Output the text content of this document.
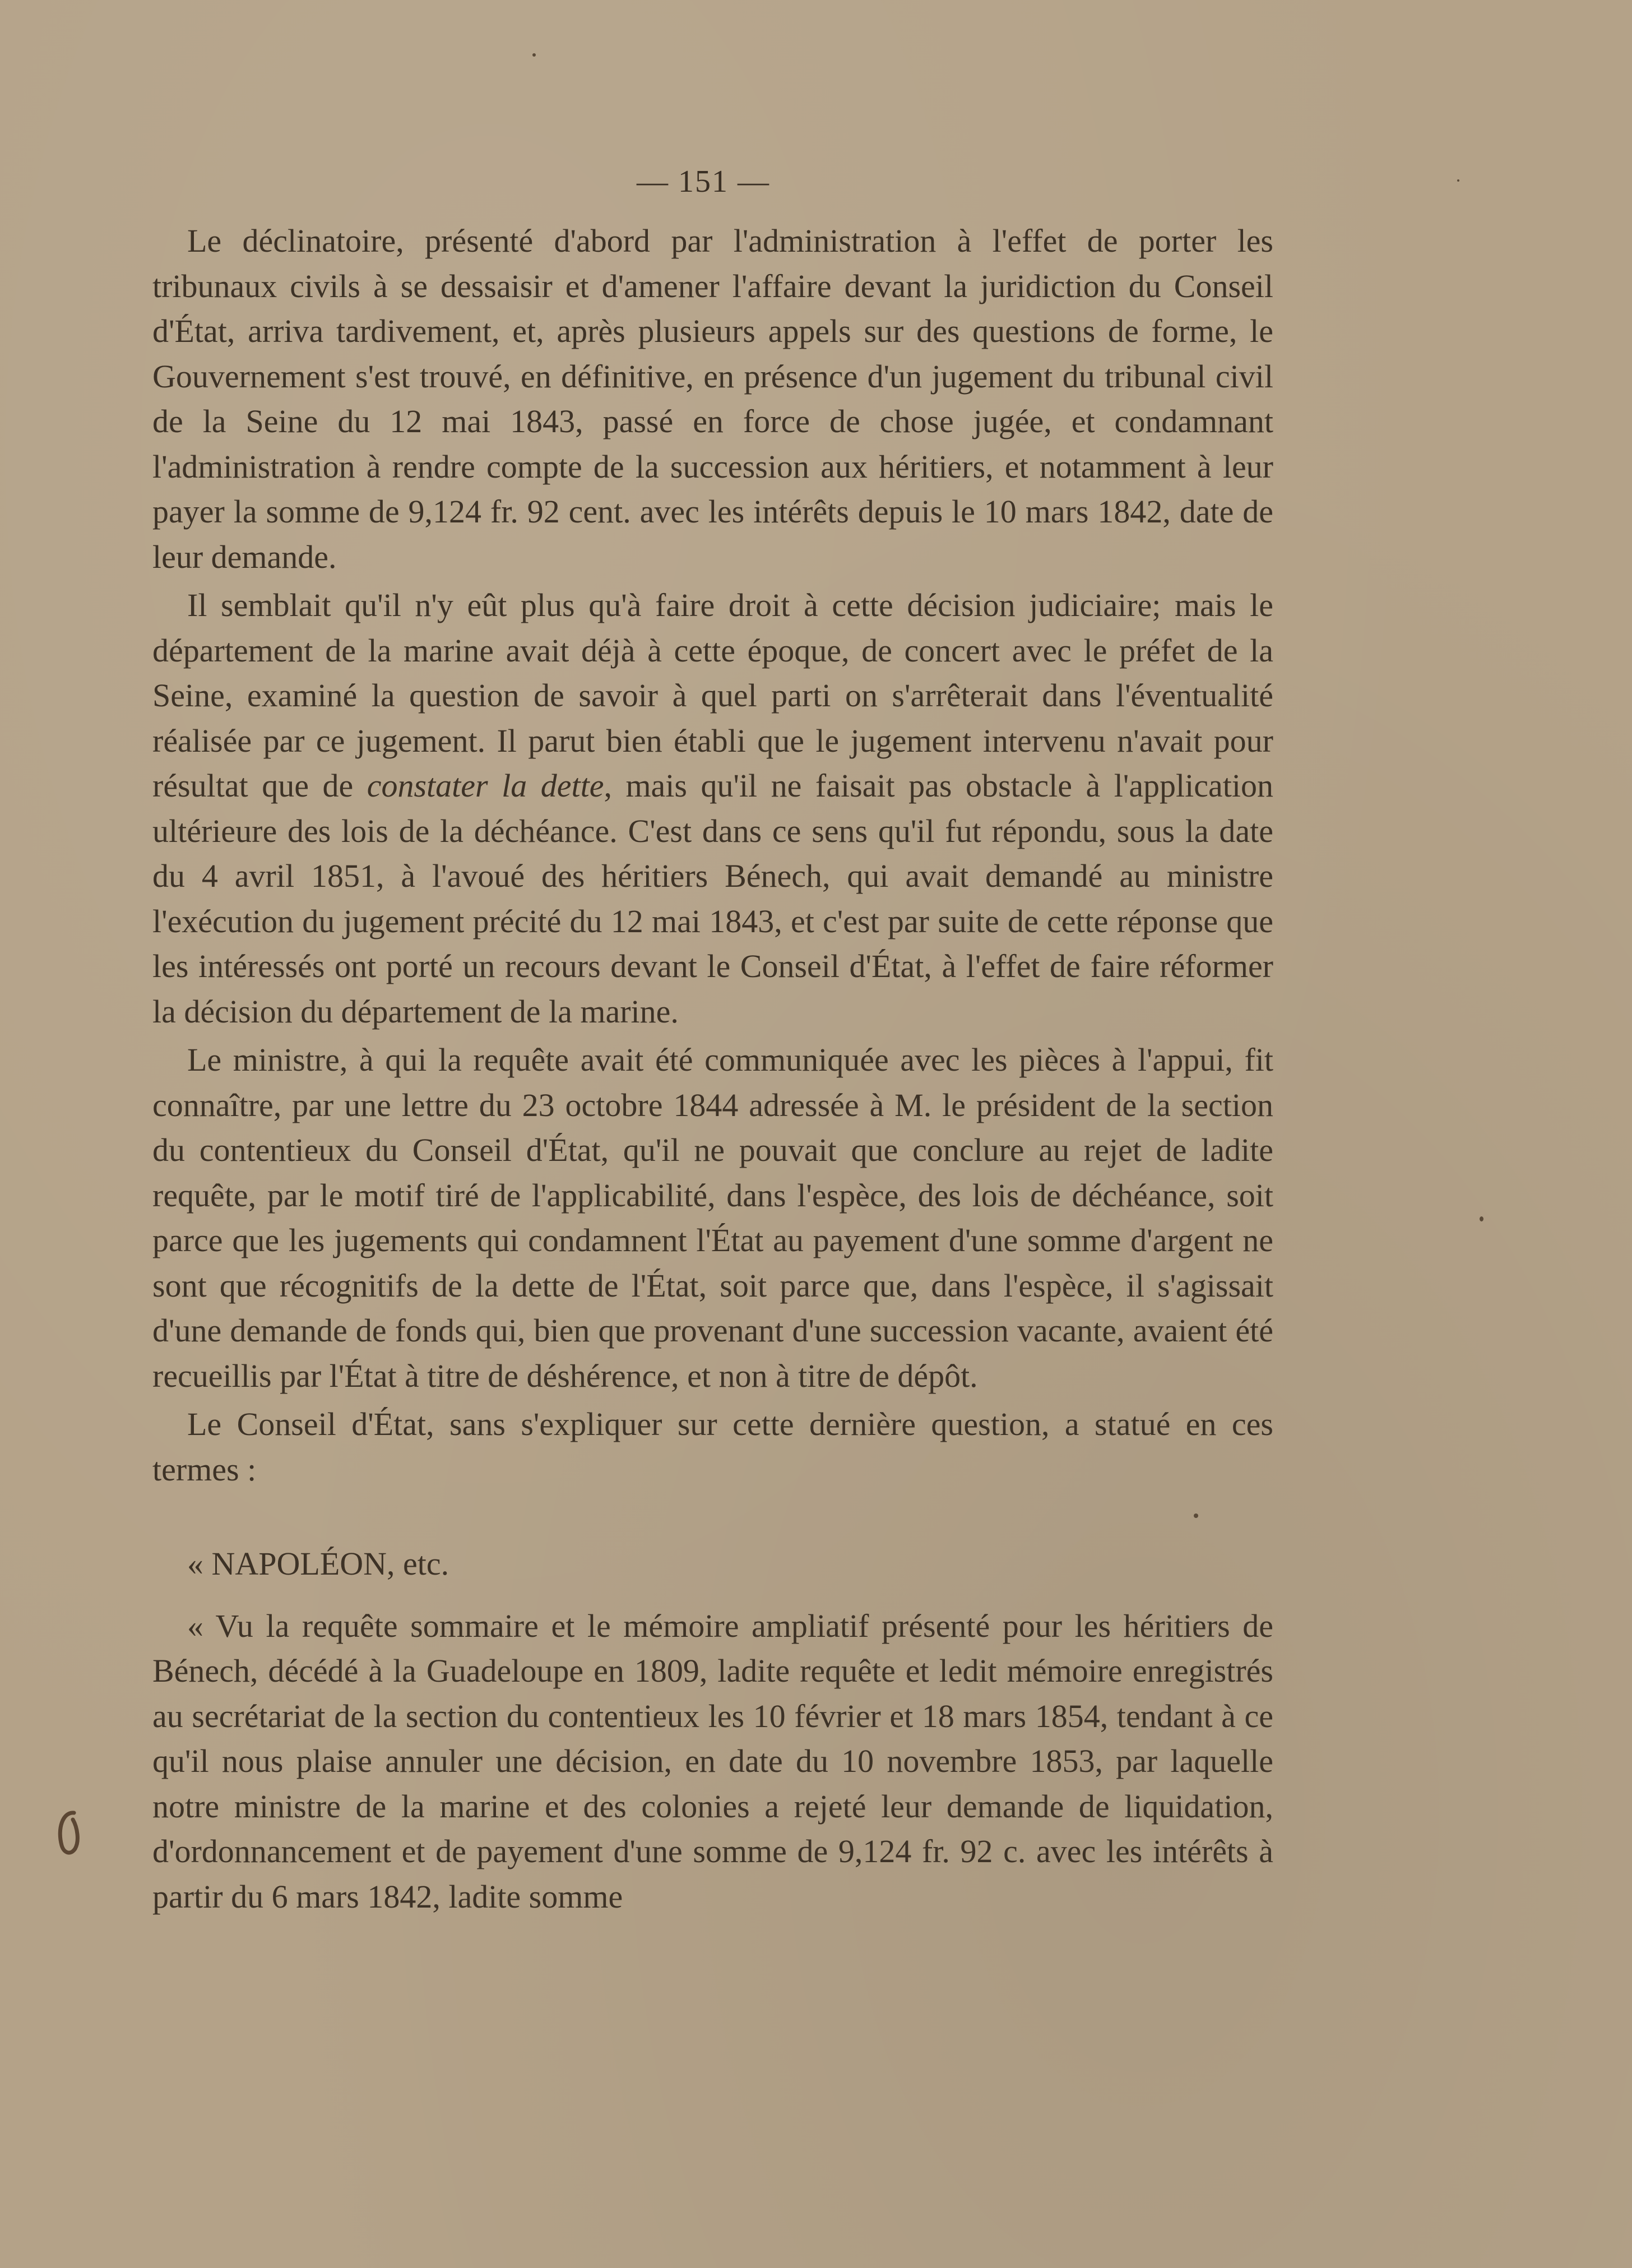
— 151 —

Le déclinatoire, présenté d'abord par l'administration à l'effet de porter les tribunaux civils à se dessaisir et d'amener l'affaire devant la juridiction du Conseil d'État, arriva tardivement, et, après plusieurs appels sur des questions de forme, le Gouvernement s'est trouvé, en définitive, en présence d'un jugement du tribunal civil de la Seine du 12 mai 1843, passé en force de chose jugée, et condamnant l'administration à rendre compte de la succession aux héritiers, et notamment à leur payer la somme de 9,124 fr. 92 cent. avec les intérêts depuis le 10 mars 1842, date de leur demande.

Il semblait qu'il n'y eût plus qu'à faire droit à cette décision judiciaire; mais le département de la marine avait déjà à cette époque, de concert avec le préfet de la Seine, examiné la question de savoir à quel parti on s'arrêterait dans l'éventualité réalisée par ce jugement. Il parut bien établi que le jugement intervenu n'avait pour résultat que de constater la dette, mais qu'il ne faisait pas obstacle à l'application ultérieure des lois de la déchéance. C'est dans ce sens qu'il fut répondu, sous la date du 4 avril 1851, à l'avoué des héritiers Bénech, qui avait demandé au ministre l'exécution du jugement précité du 12 mai 1843, et c'est par suite de cette réponse que les intéressés ont porté un recours devant le Conseil d'État, à l'effet de faire réformer la décision du département de la marine.

Le ministre, à qui la requête avait été communiquée avec les pièces à l'appui, fit connaître, par une lettre du 23 octobre 1844 adressée à M. le président de la section du contentieux du Conseil d'État, qu'il ne pouvait que conclure au rejet de ladite requête, par le motif tiré de l'applicabilité, dans l'espèce, des lois de déchéance, soit parce que les jugements qui condamnent l'État au payement d'une somme d'argent ne sont que récognitifs de la dette de l'État, soit parce que, dans l'espèce, il s'agissait d'une demande de fonds qui, bien que provenant d'une succession vacante, avaient été recueillis par l'État à titre de déshérence, et non à titre de dépôt.

Le Conseil d'État, sans s'expliquer sur cette dernière question, a statué en ces termes :

« NAPOLÉON, etc.

« Vu la requête sommaire et le mémoire ampliatif présenté pour les héritiers de Bénech, décédé à la Guadeloupe en 1809, ladite requête et ledit mémoire enregistrés au secrétariat de la section du contentieux les 10 février et 18 mars 1854, tendant à ce qu'il nous plaise annuler une décision, en date du 10 novembre 1853, par laquelle notre ministre de la marine et des colonies a rejeté leur demande de liquidation, d'ordonnancement et de payement d'une somme de 9,124 fr. 92 c. avec les intérêts à partir du 6 mars 1842, ladite somme
